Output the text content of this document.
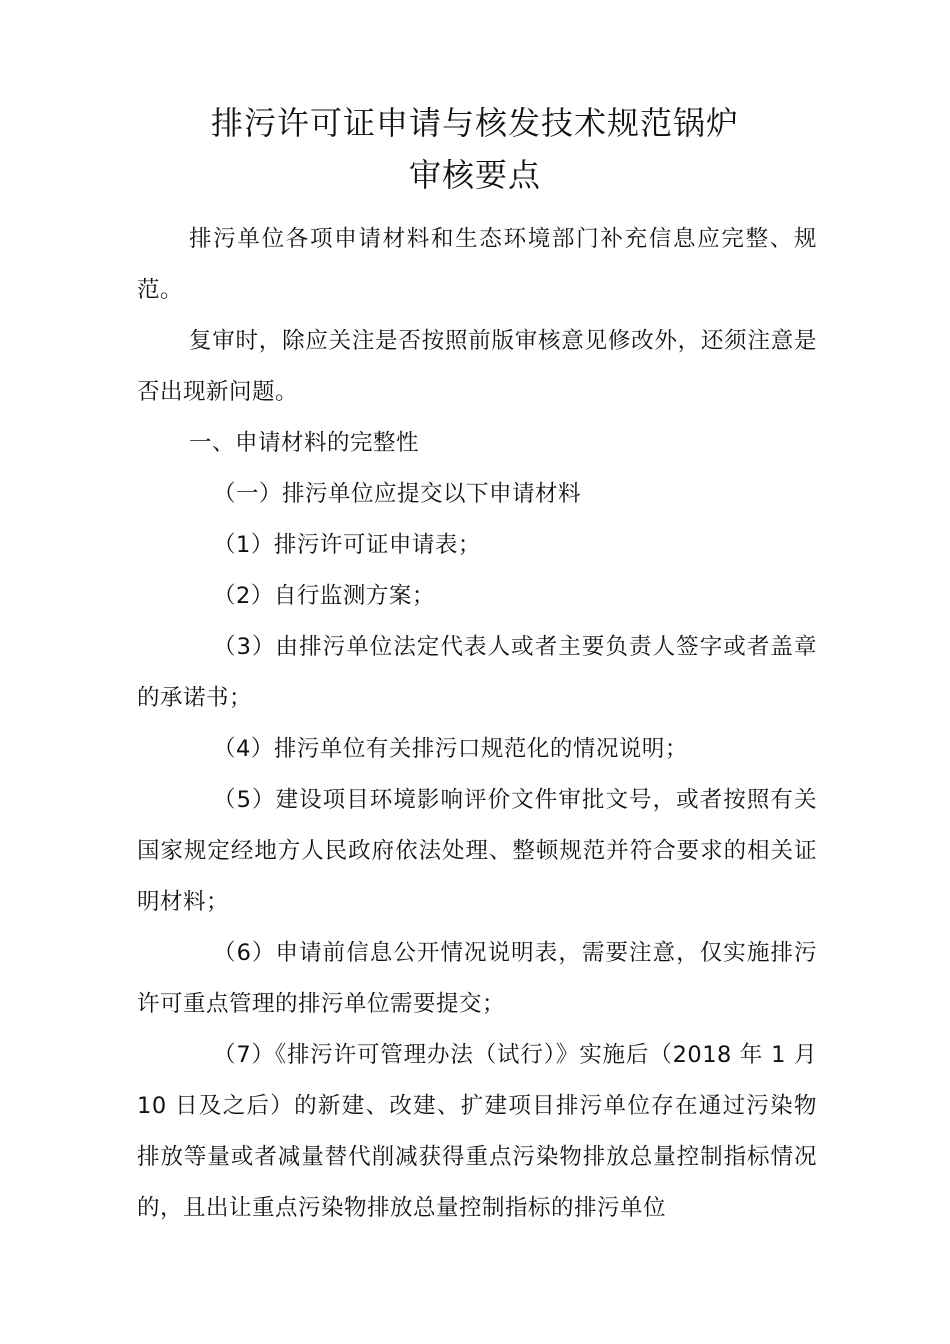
排污许可证申请与核发技术规范锅炉
审核要点

排污单位各项申请材料和生态环境部门补充信息应完整、规范。

复审时，除应关注是否按照前版审核意见修改外，还须注意是否出现新问题。

一、申请材料的完整性

（一）排污单位应提交以下申请材料

（1）排污许可证申请表；

（2）自行监测方案；

（3）由排污单位法定代表人或者主要负责人签字或者盖章的承诺书；

（4）排污单位有关排污口规范化的情况说明；

（5）建设项目环境影响评价文件审批文号，或者按照有关国家规定经地方人民政府依法处理、整顿规范并符合要求的相关证明材料；

（6）申请前信息公开情况说明表，需要注意，仅实施排污许可重点管理的排污单位需要提交；

（7）《排污许可管理办法（试行）》实施后（2018 年 1 月 10 日及之后）的新建、改建、扩建项目排污单位存在通过污染物排放等量或者减量替代削减获得重点污染物排放总量控制指标情况的，且出让重点污染物排放总量控制指标的排污单位
